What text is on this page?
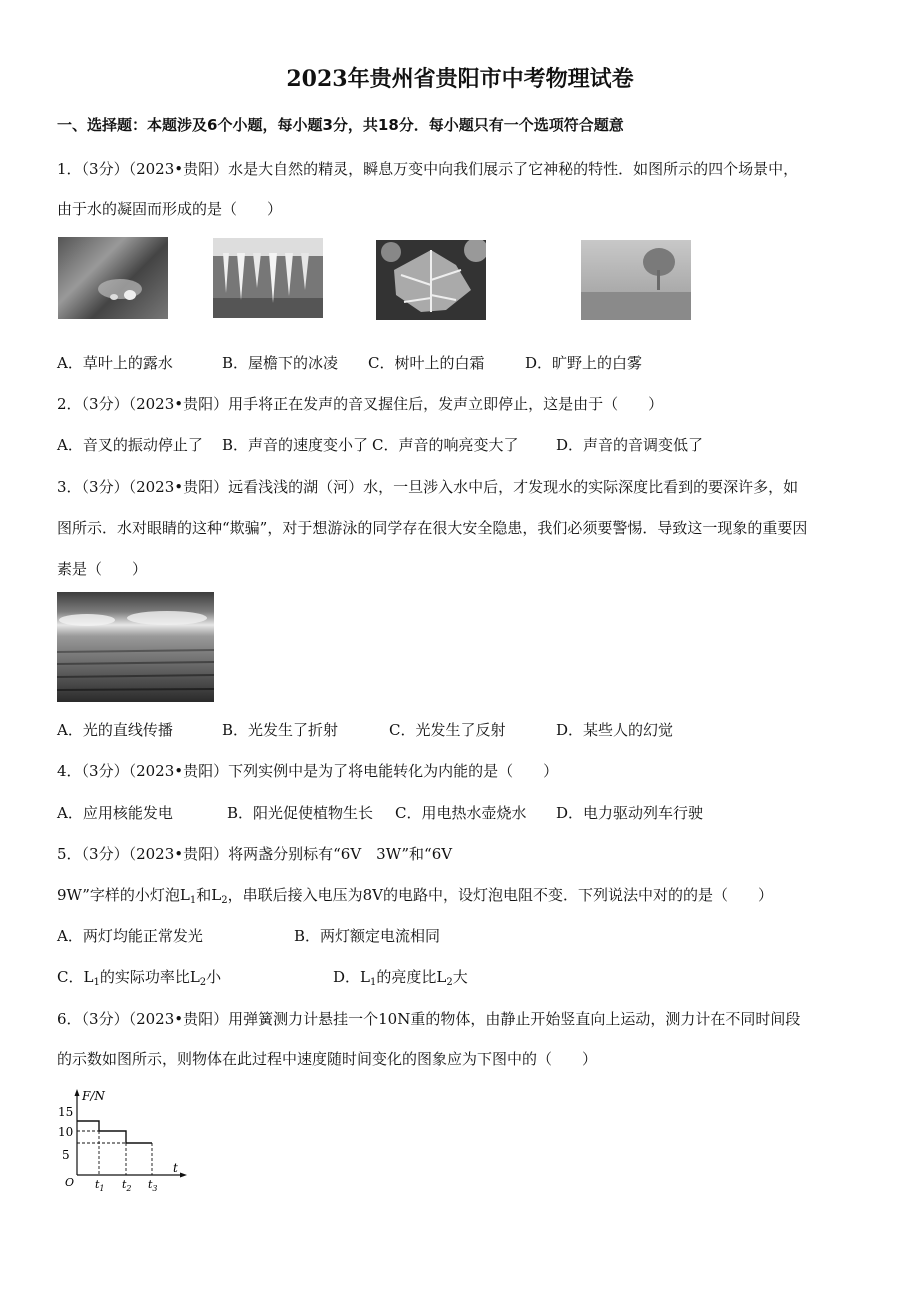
2023年贵州省贵阳市中考物理试卷
一、选择题：本题涉及6个小题，每小题3分，共18分．每小题只有一个选项符合题意
1．（3分）（2023•贵阳）水是大自然的精灵，瞬息万变中向我们展示了它神秘的特性．如图所示的四个场景中，
由于水的凝固而形成的是（　　）
A．草叶上的露水	B．屋檐下的冰凌 C．树叶上的白霜	D．旷野上的白雾
2．（3分）（2023•贵阳）用手将正在发声的音叉握住后，发声立即停止，这是由于（　　）
A．音叉的振动停止了 B．声音的速度变小了 C．声音的响亮变大了	D．声音的音调变低了
3．（3分）（2023•贵阳）远看浅浅的湖（河）水，一旦涉入水中后，才发现水的实际深度比看到的要深许多，如
图所示．水对眼睛的这种“欺骗”，对于想游泳的同学存在很大安全隐患，我们必须要警惕．导致这一现象的重要因
素是（　　）
A．光的直线传播	B．光发生了折射	C．光发生了反射	D．某些人的幻觉
4．（3分）（2023•贵阳）下列实例中是为了将电能转化为内能的是（　　）
A．应用核能发电	B．阳光促使植物生长 C．用电热水壶烧水 D．电力驱动列车行驶
5．（3分）（2023•贵阳）将两盏分别标有“6V　3W”和“6V
9W”字样的小灯泡$L_1$和$L_2$，串联后接入电压为8V的电路中，设灯泡电阻不变．下列说法中对的的是（　　）
A．两灯均能正常发光	B．两灯额定电流相同
C．$L_1$的实际功率比$L_2$小	D．$L_1$的亮度比$L_2$大
6．（3分）（2023•贵阳）用弹簧测力计悬挂一个10N重的物体，由静止开始竖直向上运动，测力计在不同时间段
的示数如图所示，则物体在此过程中速度随时间变化的图象应为下图中的（　　）
F/N
15
10
5
O
t
$t_1$ $t_2$ $t_3$
